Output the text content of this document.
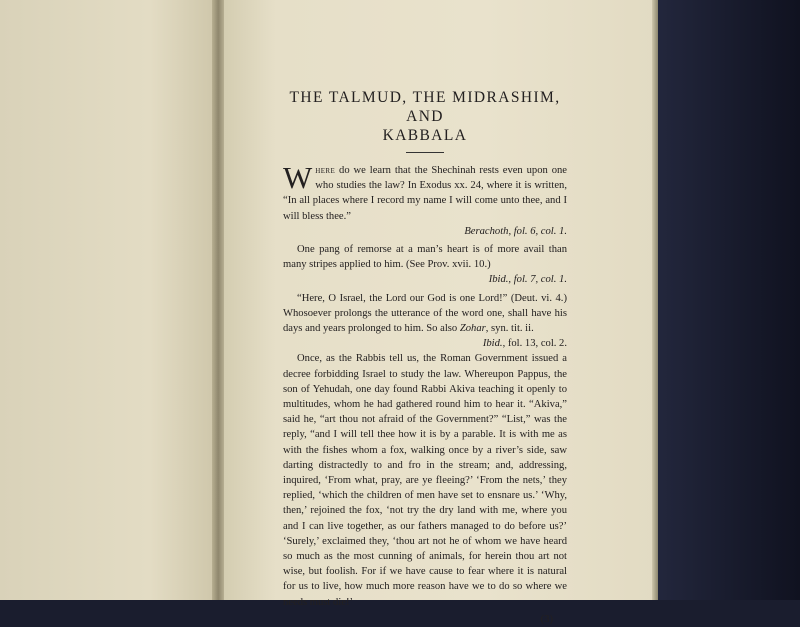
THE TALMUD, THE MIDRASHIM, AND
KABBALA

Where do we learn that the Shechinah rests even upon one who studies the law? In Exodus xx. 24, where it is written, “In all places where I record my name I will come unto thee, and I will bless thee.”

Berachoth, fol. 6, col. 1.

One pang of remorse at a man’s heart is of more avail than many stripes applied to him. (See Prov. xvii. 10.)

Ibid., fol. 7, col. 1.

“Here, O Israel, the Lord our God is one Lord!” (Deut. vi. 4.) Whosoever prolongs the utterance of the word one, shall have his days and years prolonged to him. So also Zohar, syn. tit. ii.
Ibid., fol. 13, col. 2.

Once, as the Rabbis tell us, the Roman Government issued a decree forbidding Israel to study the law. Whereupon Pappus, the son of Yehudah, one day found Rabbi Akiva teaching it openly to multitudes, whom he had gathered round him to hear it. “Akiva,” said he, “art thou not afraid of the Government?” “List,” was the reply, “and I will tell thee how it is by a parable. It is with me as with the fishes whom a fox, walking once by a river’s side, saw darting distractedly to and fro in the stream; and, addressing, inquired, ‘From what, pray, are ye fleeing?’ ‘From the nets,’ they replied, ‘which the children of men have set to ensnare us.’ ‘Why, then,’ rejoined the fox, ‘not try the dry land with me, where you and I can live together, as our fathers managed to do before us?’ ‘Surely,’ exclaimed they, ‘thou art not he of whom we have heard so much as the most cunning of animals, for herein thou art not wise, but foolish. For if we have cause to fear where it is natural for us to live, how much more reason have we to do so where we needs must die!’

(3)
